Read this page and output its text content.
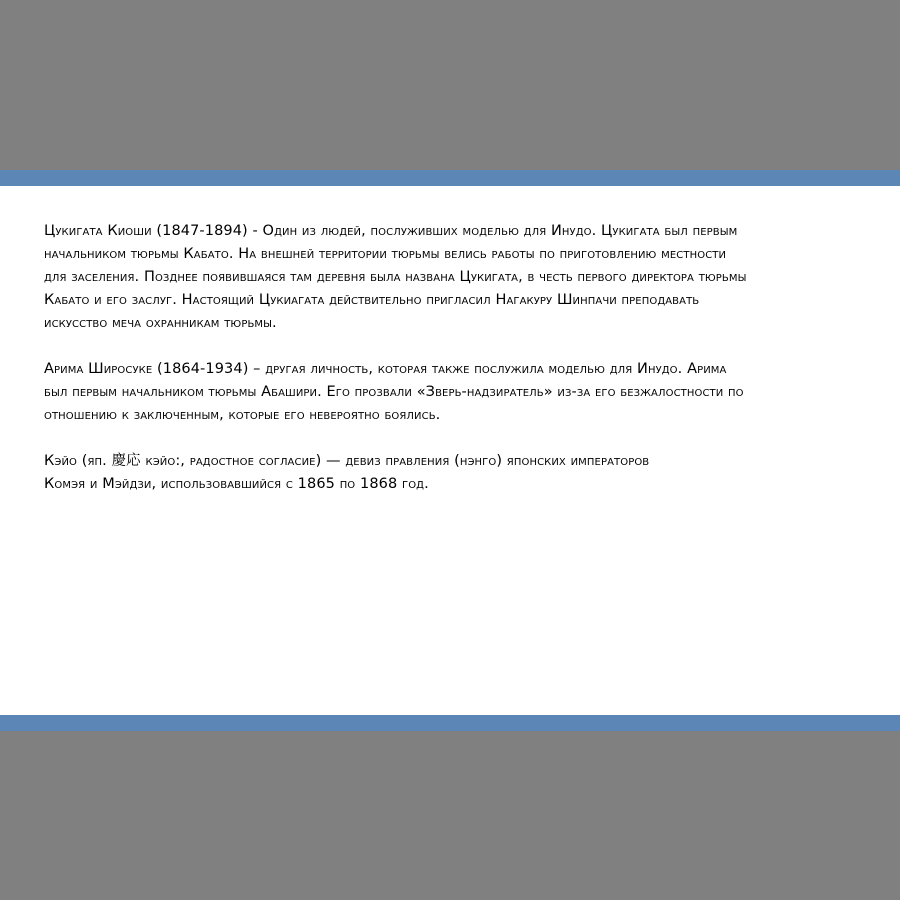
Цукигата Киоши (1847-1894) - Один из людей, послуживших моделью для Инудо. Цукигата был первым
начальником тюрьмы Кабато. На внешней территории тюрьмы велись работы по приготовлению местности
для заселения. Позднее появившаяся там деревня была названа Цукигата, в честь первого директора тюрьмы
Кабато и его заслуг. Настоящий Цукиагата действительно пригласил Нагакуру Шинпачи преподавать
искусство меча охранникам тюрьмы.
Арима Широсуке (1864-1934) – другая личность, которая также послужила моделью для Инудо. Арима
был первым начальником тюрьмы Абашири. Его прозвали «Зверь-надзиратель» из-за его безжалостности по
отношению к заключенным, которые его невероятно боялись.
Кэйо (яп. 慶応 кэйо:, радостное согласие) — девиз правления (нэнго) японских императоров
Комэя и Мэйдзи, использовавшийся с 1865 по 1868 год.
